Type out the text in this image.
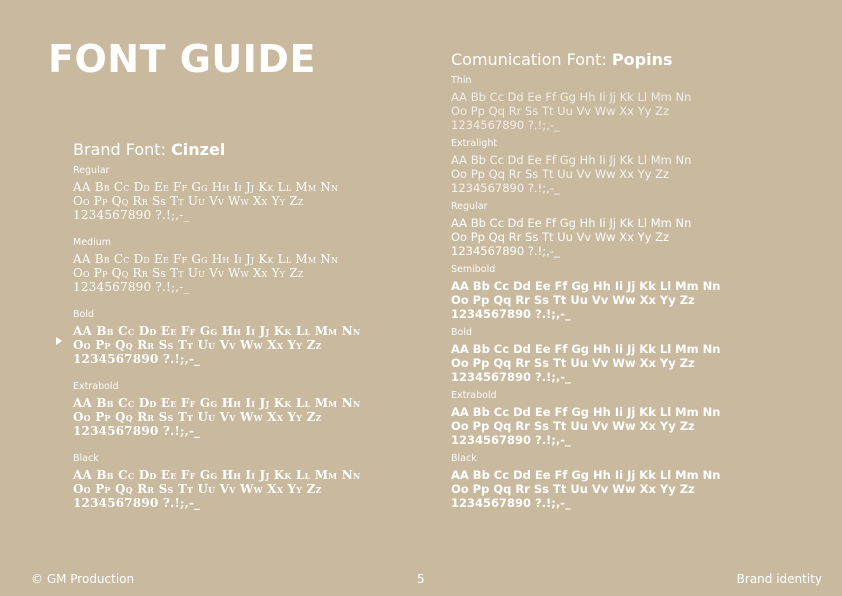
FONT GUIDE
Brand Font: Cinzel

Regular

AA Bb Cc Dd Ee Ff Gg Hh Ii Jj Kk Ll Mm Nn

Oo Pp Qq Rr Ss Tt Uu Vv Ww Xx Yy Zz

1234567890 ?.!;,-_

Medium

AA Bb Cc Dd Ee Ff Gg Hh Ii Jj Kk Ll Mm Nn

Oo Pp Qq Rr Ss Tt Uu Vv Ww Xx Yy Zz

1234567890 ?.!;,-_

Bold

AA Bb Cc Dd Ee Ff Gg Hh Ii Jj Kk Ll Mm Nn

Oo Pp Qq Rr Ss Tt Uu Vv Ww Xx Yy Zz

1234567890 ?.!;,-_

Extrabold

AA Bb Cc Dd Ee Ff Gg Hh Ii Jj Kk Ll Mm Nn

Oo Pp Qq Rr Ss Tt Uu Vv Ww Xx Yy Zz

1234567890 ?.!;,-_

Black

AA Bb Cc Dd Ee Ff Gg Hh Ii Jj Kk Ll Mm Nn

Oo Pp Qq Rr Ss Tt Uu Vv Ww Xx Yy Zz

1234567890 ?.!;,-_

Comunication Font: Popins

Thin

AA Bb Cc Dd Ee Ff Gg Hh Ii Jj Kk Ll Mm Nn

Oo Pp Qq Rr Ss Tt Uu Vv Ww Xx Yy Zz

1234567890 ?.!;,-_

Extralight

AA Bb Cc Dd Ee Ff Gg Hh Ii Jj Kk Ll Mm Nn

Oo Pp Qq Rr Ss Tt Uu Vv Ww Xx Yy Zz

1234567890 ?.!;,-_

Regular

AA Bb Cc Dd Ee Ff Gg Hh Ii Jj Kk Ll Mm Nn

Oo Pp Qq Rr Ss Tt Uu Vv Ww Xx Yy Zz

1234567890 ?.!;,-_

Semibold

AA Bb Cc Dd Ee Ff Gg Hh Ii Jj Kk Ll Mm Nn

Oo Pp Qq Rr Ss Tt Uu Vv Ww Xx Yy Zz

1234567890 ?.!;,-_

Bold

AA Bb Cc Dd Ee Ff Gg Hh Ii Jj Kk Ll Mm Nn

Oo Pp Qq Rr Ss Tt Uu Vv Ww Xx Yy Zz

1234567890 ?.!;,-_

Extrabold

AA Bb Cc Dd Ee Ff Gg Hh Ii Jj Kk Ll Mm Nn

Oo Pp Qq Rr Ss Tt Uu Vv Ww Xx Yy Zz

1234567890 ?.!;,-_

Black

AA Bb Cc Dd Ee Ff Gg Hh Ii Jj Kk Ll Mm Nn

Oo Pp Qq Rr Ss Tt Uu Vv Ww Xx Yy Zz

1234567890 ?.!;,-_

© GM Production	5	Brand identity
